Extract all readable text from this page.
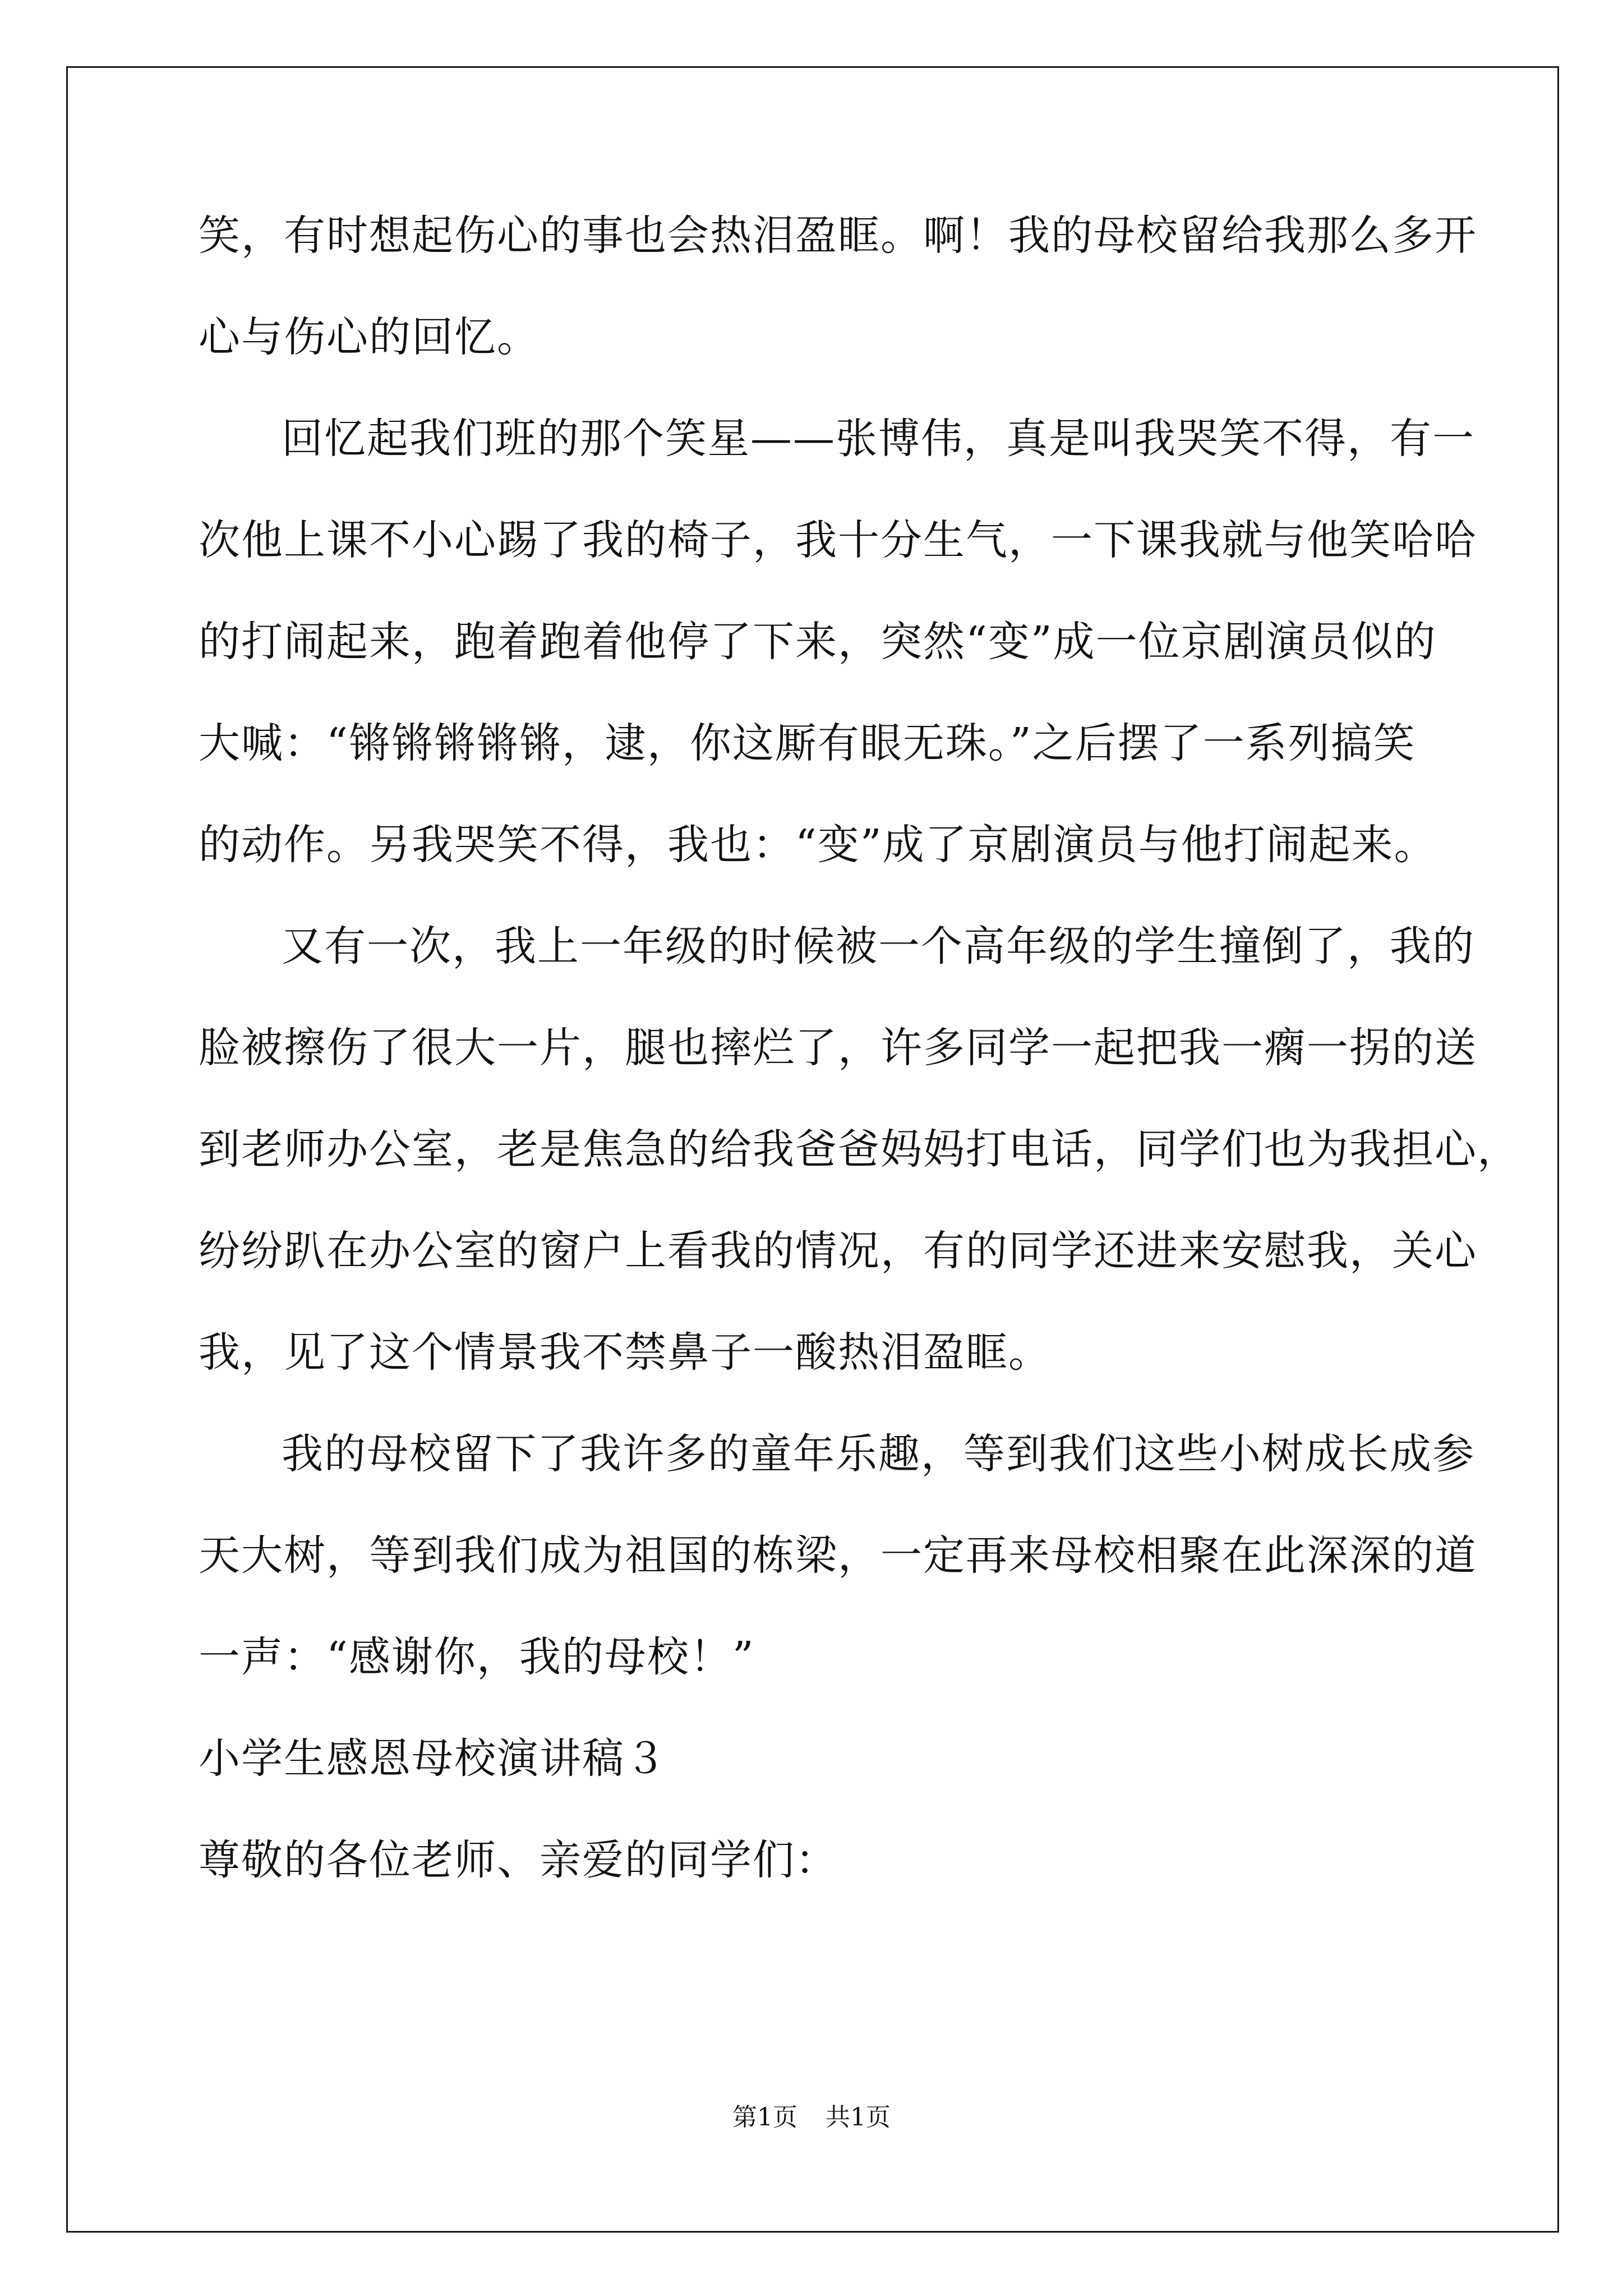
笑，有时想起伤心的事也会热泪盈眶。啊！我的母校留给我那么多开
心与伤心的回忆。
回忆起我们班的那个笑星——张博伟，真是叫我哭笑不得，有一
次他上课不小心踢了我的椅子，我十分生气，一下课我就与他笑哈哈
的打闹起来，跑着跑着他停了下来，突然“变”成一位京剧演员似的
大喊：“锵锵锵锵锵，逮，你这厮有眼无珠。”之后摆了一系列搞笑
的动作。另我哭笑不得，我也：“变”成了京剧演员与他打闹起来。
又有一次，我上一年级的时候被一个高年级的学生撞倒了，我的
脸被擦伤了很大一片，腿也摔烂了，许多同学一起把我一瘸一拐的送
到老师办公室，老是焦急的给我爸爸妈妈打电话，同学们也为我担心，
纷纷趴在办公室的窗户上看我的情况，有的同学还进来安慰我，关心
我，见了这个情景我不禁鼻子一酸热泪盈眶。
我的母校留下了我许多的童年乐趣，等到我们这些小树成长成参
天大树，等到我们成为祖国的栋梁，一定再来母校相聚在此深深的道
一声：“感谢你，我的母校！”
小学生感恩母校演讲稿３
尊敬的各位老师、亲爱的同学们：
第1页 共1页
